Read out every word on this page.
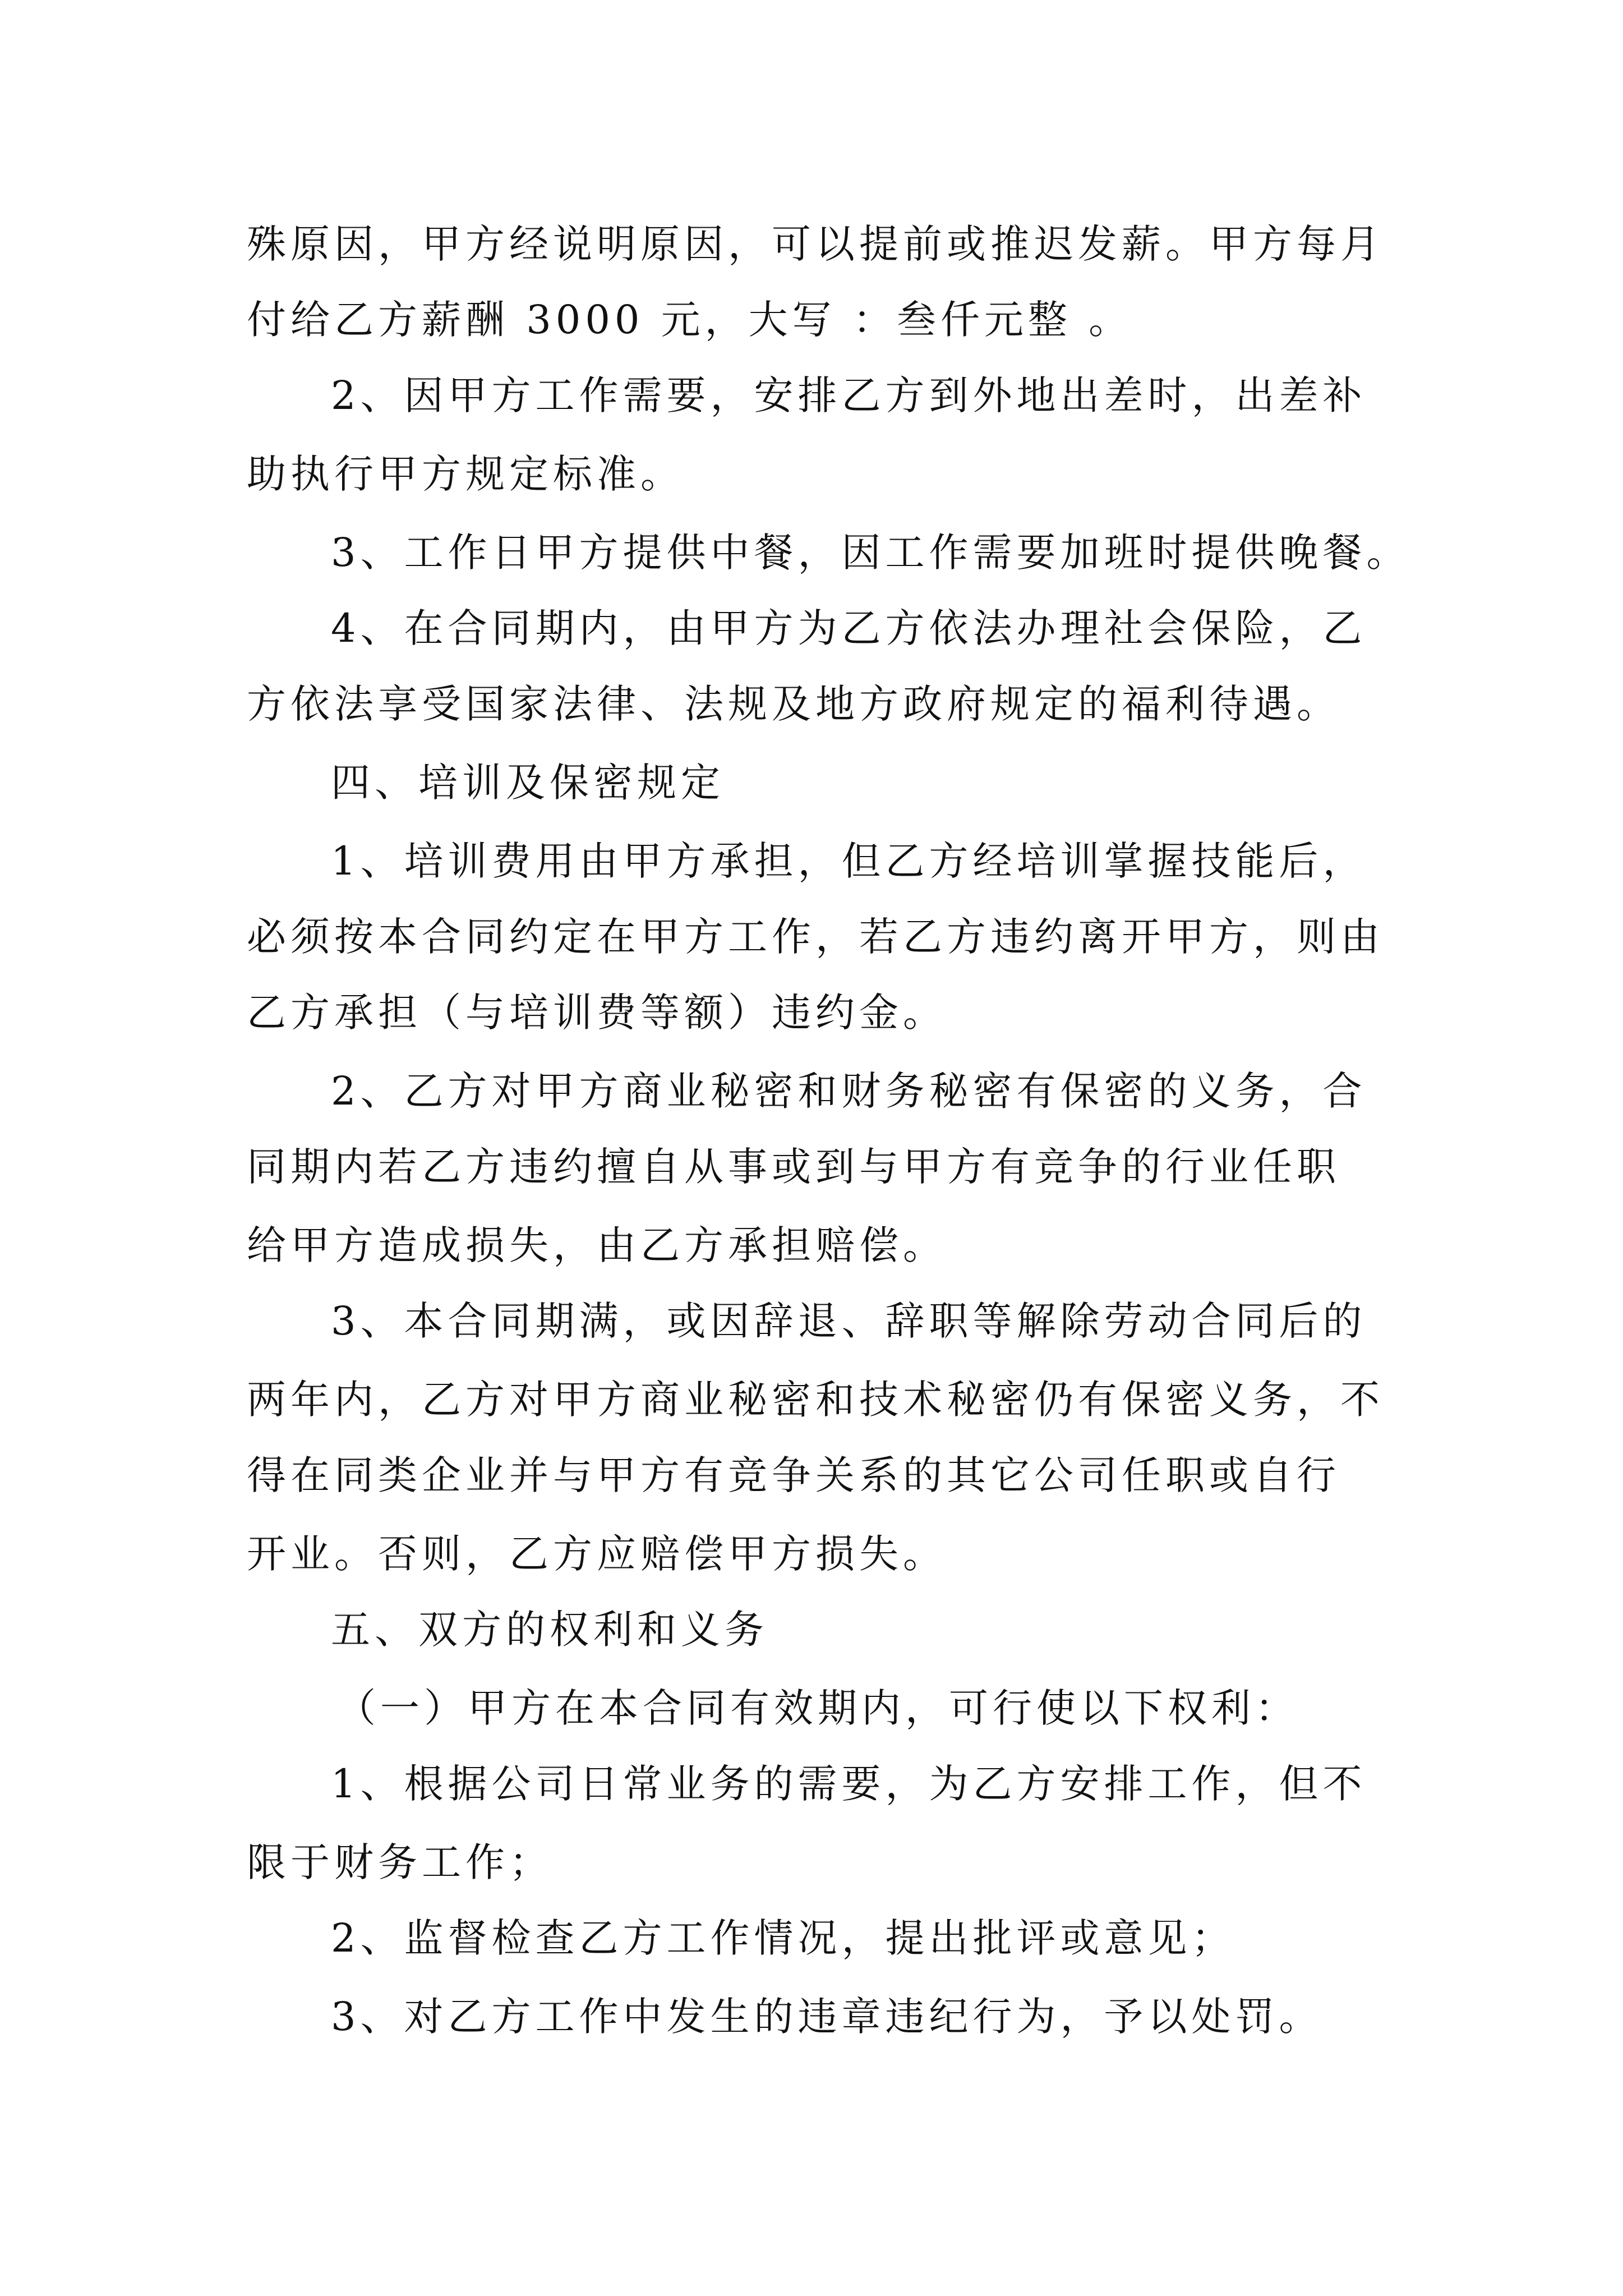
殊原因，甲方经说明原因，可以提前或推迟发薪。甲方每月
付给乙方薪酬 3000 元，大写 ：叁仟元整 。
2、因甲方工作需要，安排乙方到外地出差时，出差补
助执行甲方规定标准。
3、工作日甲方提供中餐，因工作需要加班时提供晚餐。
4、在合同期内，由甲方为乙方依法办理社会保险，乙
方依法享受国家法律、法规及地方政府规定的福利待遇。
四、培训及保密规定
1、培训费用由甲方承担，但乙方经培训掌握技能后，
必须按本合同约定在甲方工作，若乙方违约离开甲方，则由
乙方承担（与培训费等额）违约金。
2、乙方对甲方商业秘密和财务秘密有保密的义务，合
同期内若乙方违约擅自从事或到与甲方有竞争的行业任职
给甲方造成损失，由乙方承担赔偿。
3、本合同期满，或因辞退、辞职等解除劳动合同后的
两年内，乙方对甲方商业秘密和技术秘密仍有保密义务，不
得在同类企业并与甲方有竞争关系的其它公司任职或自行
开业。否则，乙方应赔偿甲方损失。
五、双方的权利和义务
（一）甲方在本合同有效期内，可行使以下权利：
1、根据公司日常业务的需要，为乙方安排工作，但不
限于财务工作；
2、监督检查乙方工作情况，提出批评或意见；
3、对乙方工作中发生的违章违纪行为，予以处罚。
